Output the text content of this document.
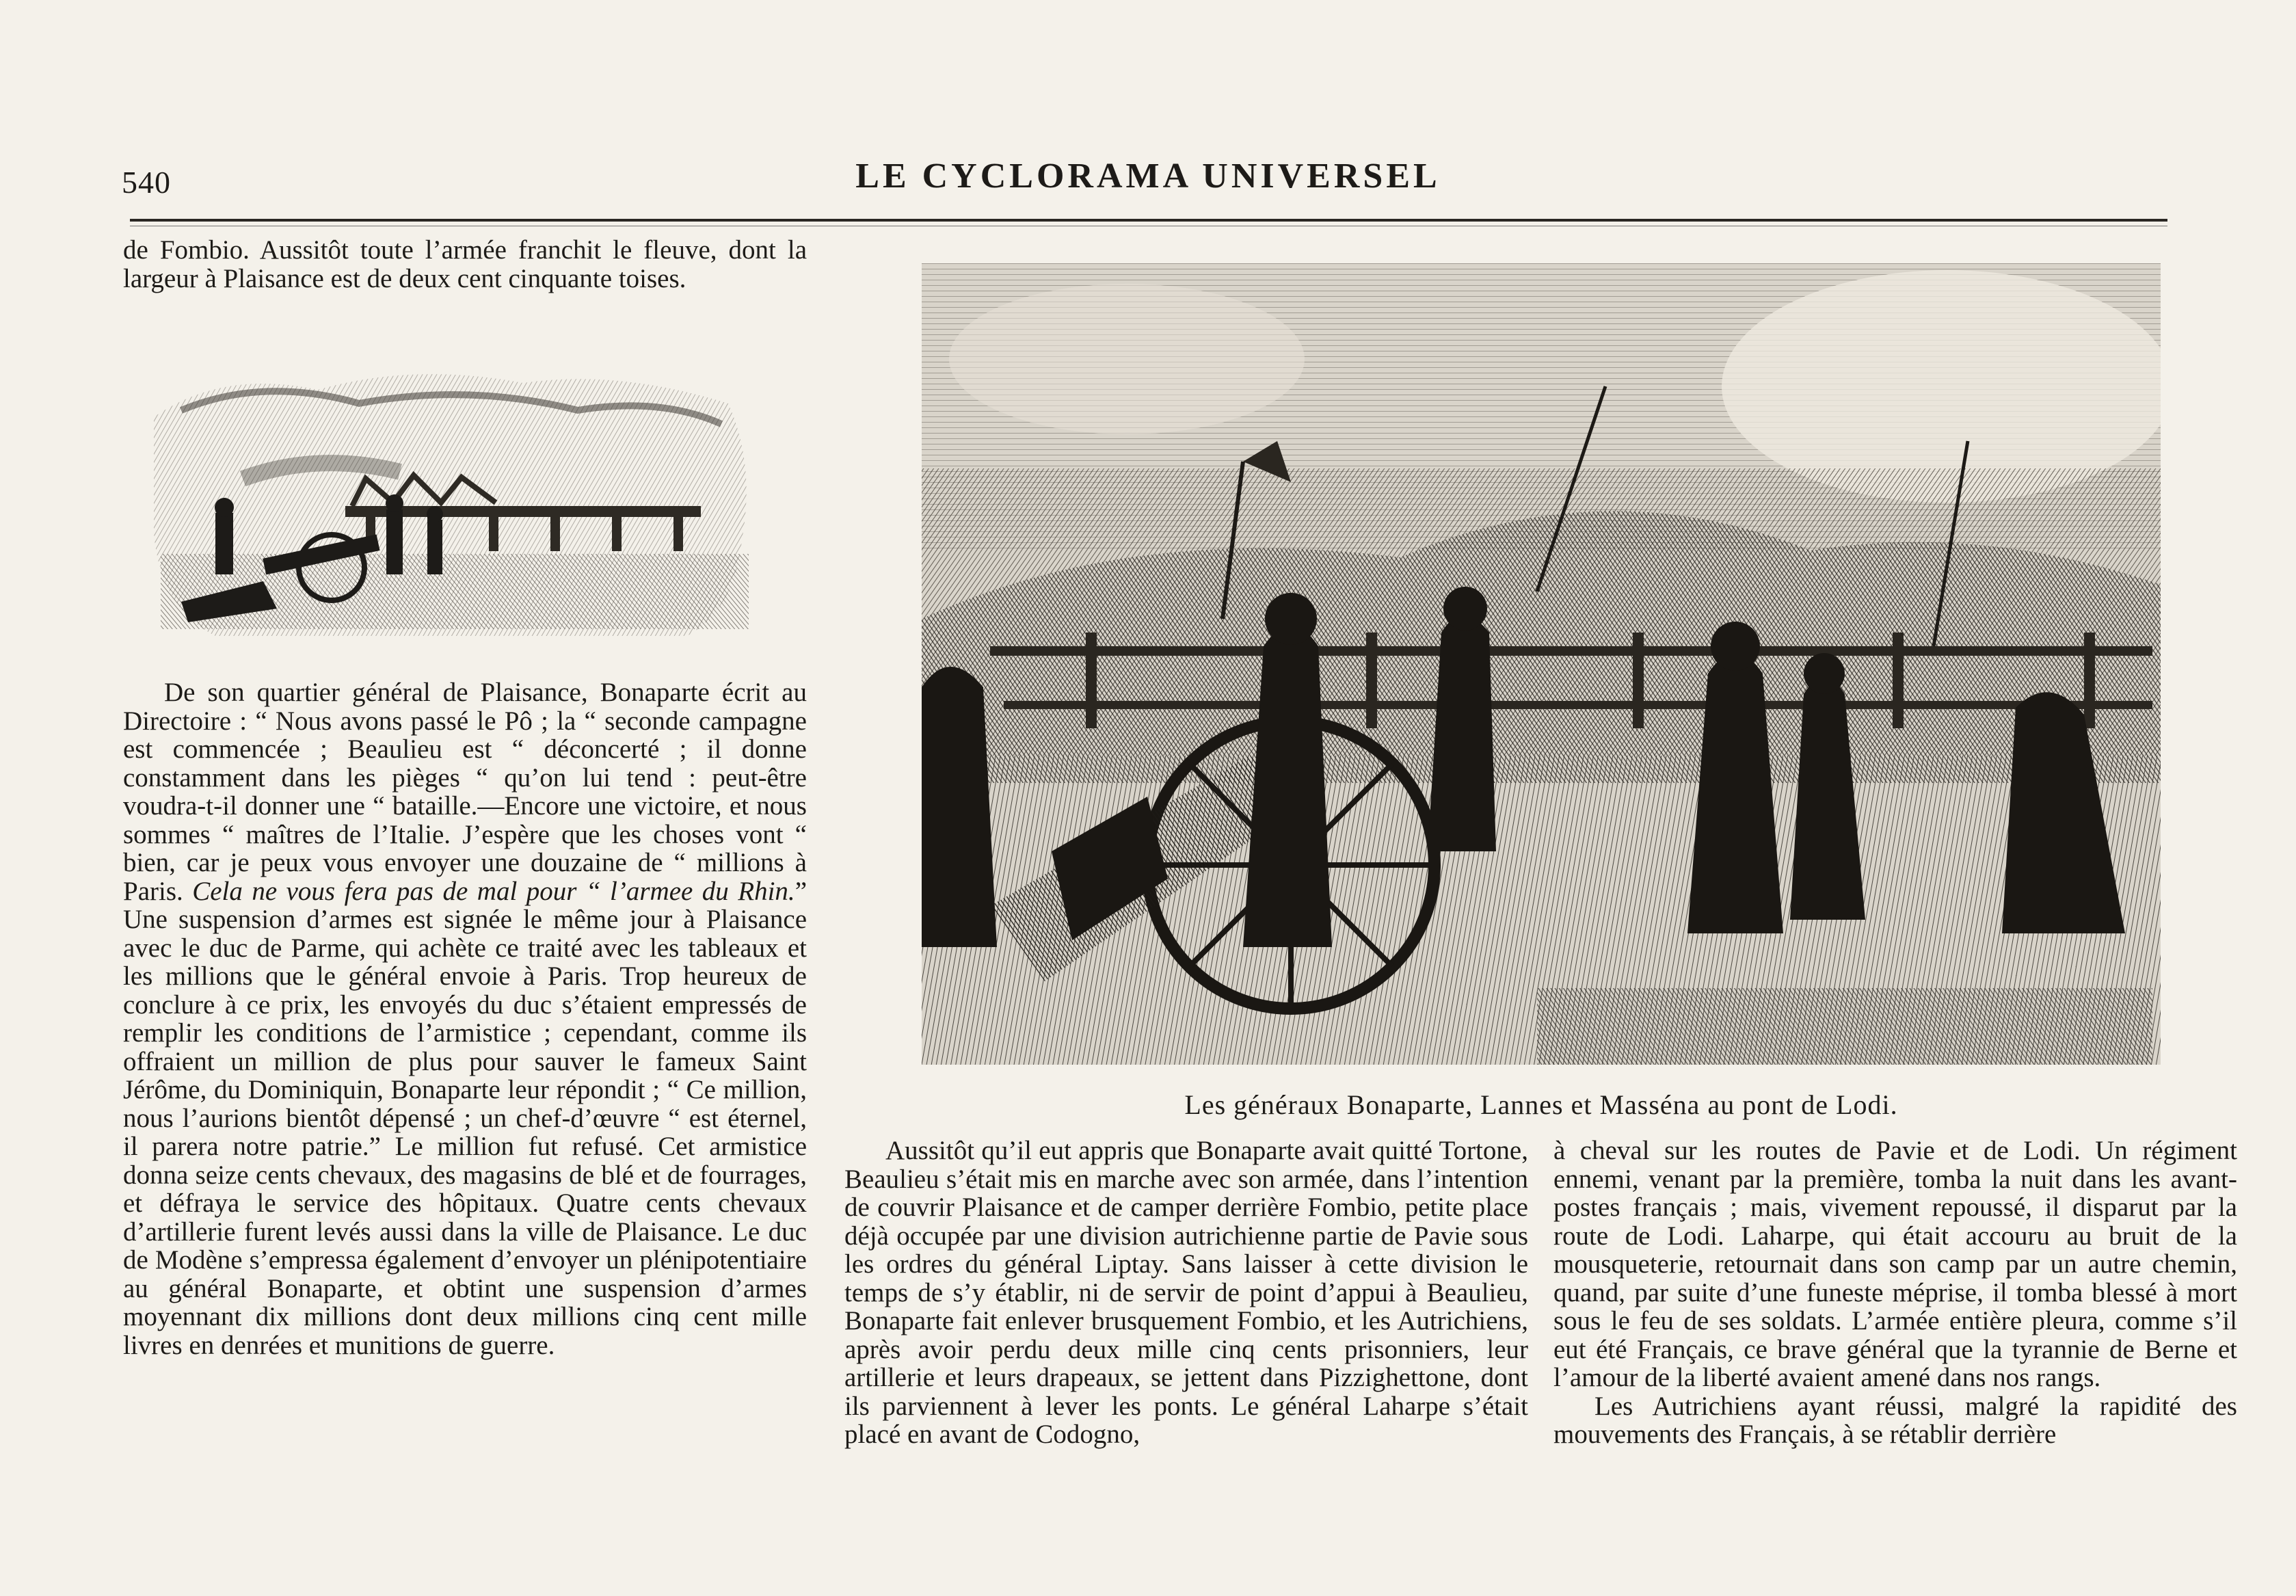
540	LE CYCLORAMA UNIVERSEL

de Fombio. Aussitôt toute l’armée franchit le fleuve, dont la largeur à Plaisance est de deux cent cinquante toises.

De son quartier général de Plaisance, Bonaparte écrit au Directoire : “ Nous avons passé le Pô ; la “ seconde campagne est commencée ; Beaulieu est “ déconcerté ; il donne constamment dans les pièges “ qu’on lui tend : peut-être voudra-t-il donner une “ bataille.—Encore une victoire, et nous sommes “ maîtres de l’Italie. J’espère que les choses vont “ bien, car je peux vous envoyer une douzaine de “ millions à Paris. Cela ne vous fera pas de mal pour “ l’armee du Rhin.” Une suspension d’armes est signée le même jour à Plaisance avec le duc de Parme, qui achète ce traité avec les tableaux et les millions que le général envoie à Paris. Trop heureux de conclure à ce prix, les envoyés du duc s’étaient empressés de remplir les conditions de l’armistice ; cependant, comme ils offraient un million de plus pour sauver le fameux Saint Jérôme, du Dominiquin, Bonaparte leur répondit ; “ Ce million, nous l’aurions bientôt dépensé ; un chef-d’œuvre “ est éternel, il parera notre patrie.” Le million fut refusé. Cet armistice donna seize cents chevaux, des magasins de blé et de fourrages, et défraya le service des hôpitaux. Quatre cents chevaux d’artillerie furent levés aussi dans la ville de Plaisance. Le duc de Modène s’empressa également d’envoyer un plénipotentiaire au général Bonaparte, et obtint une suspension d’armes moyennant dix millions dont deux millions cinq cent mille livres en denrées et munitions de guerre.

Les généraux Bonaparte, Lannes et Masséna au pont de Lodi.

Aussitôt qu’il eut appris que Bonaparte avait quitté Tortone, Beaulieu s’était mis en marche avec son armée, dans l’intention de couvrir Plaisance et de camper derrière Fombio, petite place déjà occupée par une division autrichienne partie de Pavie sous les ordres du général Liptay. Sans laisser à cette division le temps de s’y établir, ni de servir de point d’appui à Beaulieu, Bonaparte fait enlever brusquement Fombio, et les Autrichiens, après avoir perdu deux mille cinq cents prisonniers, leur artillerie et leurs drapeaux, se jettent dans Pizzighettone, dont ils parviennent à lever les ponts. Le général Laharpe s’était placé en avant de Codogno,

à cheval sur les routes de Pavie et de Lodi. Un régiment ennemi, venant par la première, tomba la nuit dans les avant-postes français ; mais, vivement repoussé, il disparut par la route de Lodi. Laharpe, qui était accouru au bruit de la mousqueterie, retournait dans son camp par un autre chemin, quand, par suite d’une funeste méprise, il tomba blessé à mort sous le feu de ses soldats. L’armée entière pleura, comme s’il eut été Français, ce brave général que la tyrannie de Berne et l’amour de la liberté avaient amené dans nos rangs.

Les Autrichiens ayant réussi, malgré la rapidité des mouvements des Français, à se rétablir derrière
